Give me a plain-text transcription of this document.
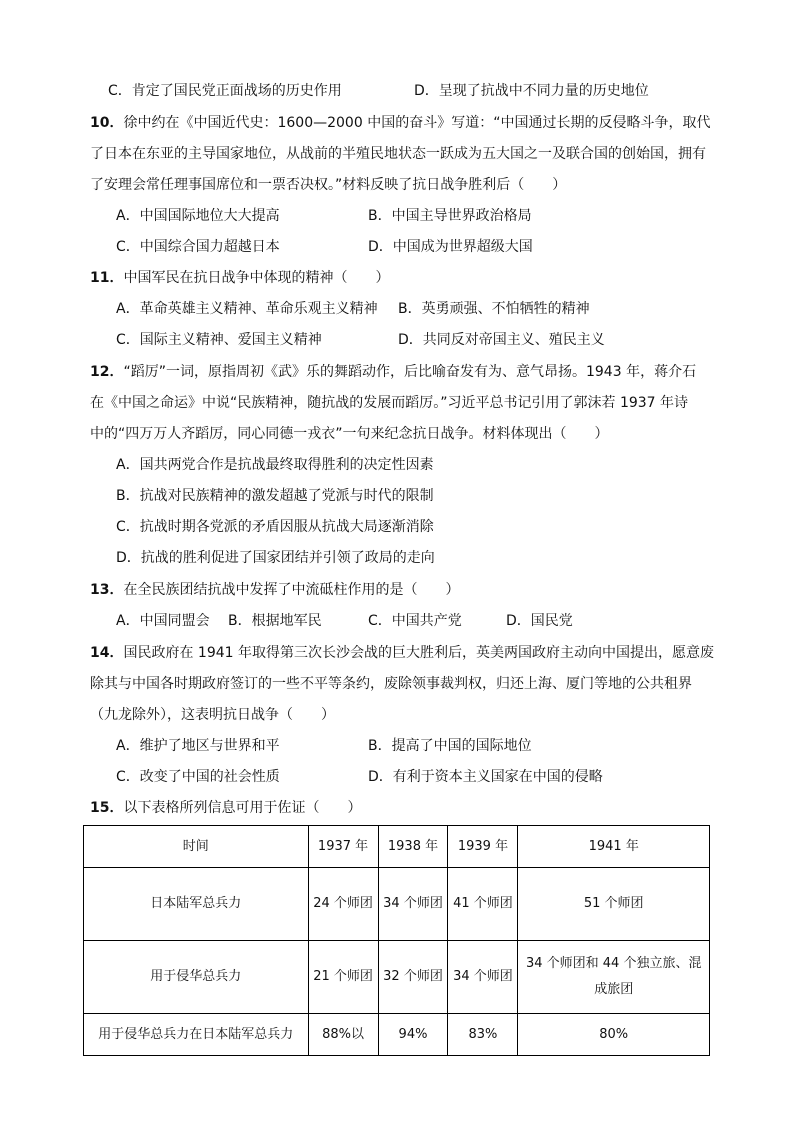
C．肯定了国民党正面战场的历史作用	D．呈现了抗战中不同力量的历史地位
10．徐中约在《中国近代史：1600—2000 中国的奋斗》写道：“中国通过长期的反侵略斗争，取代
了日本在东亚的主导国家地位，从战前的半殖民地状态一跃成为五大国之一及联合国的创始国，拥有
了安理会常任理事国席位和一票否决权。”材料反映了抗日战争胜利后（　　）
A．中国国际地位大大提高	B．中国主导世界政治格局
C．中国综合国力超越日本	D．中国成为世界超级大国
11．中国军民在抗日战争中体现的精神（　　）
A．革命英雄主义精神、革命乐观主义精神 B．英勇顽强、不怕牺牲的精神
C．国际主义精神、爱国主义精神	D．共同反对帝国主义、殖民主义
12．“蹈厉”一词，原指周初《武》乐的舞蹈动作，后比喻奋发有为、意气昂扬。1943 年，蒋介石
在《中国之命运》中说“民族精神，随抗战的发展而蹈厉。”习近平总书记引用了郭沫若 1937 年诗
中的“四万万人齐蹈厉，同心同德一戎衣”一句来纪念抗日战争。材料体现出（　　）
A．国共两党合作是抗战最终取得胜利的决定性因素
B．抗战对民族精神的激发超越了党派与时代的限制
C．抗战时期各党派的矛盾因服从抗战大局逐渐消除
D．抗战的胜利促进了国家团结并引领了政局的走向
13．在全民族团结抗战中发挥了中流砥柱作用的是（　　）
A．中国同盟会 B．根据地军民	C．中国共产党	D．国民党
14．国民政府在 1941 年取得第三次长沙会战的巨大胜利后，英美两国政府主动向中国提出，愿意废
除其与中国各时期政府签订的一些不平等条约，废除领事裁判权，归还上海、厦门等地的公共租界
（九龙除外），这表明抗日战争（　　）
A．维护了地区与世界和平	B．提高了中国的国际地位
C．改变了中国的社会性质	D．有利于资本主义国家在中国的侵略
15．以下表格所列信息可用于佐证（　　）
时间	1937 年	1938 年	1939 年	1941 年
日本陆军总兵力	24 个师团	34 个师团	41 个师团	51 个师团
用于侵华总兵力	21 个师团	32 个师团	34 个师团	34 个师团和 44 个独立旅、混成旅团
用于侵华总兵力在日本陆军总兵力	88%以	94%	83%	80%
